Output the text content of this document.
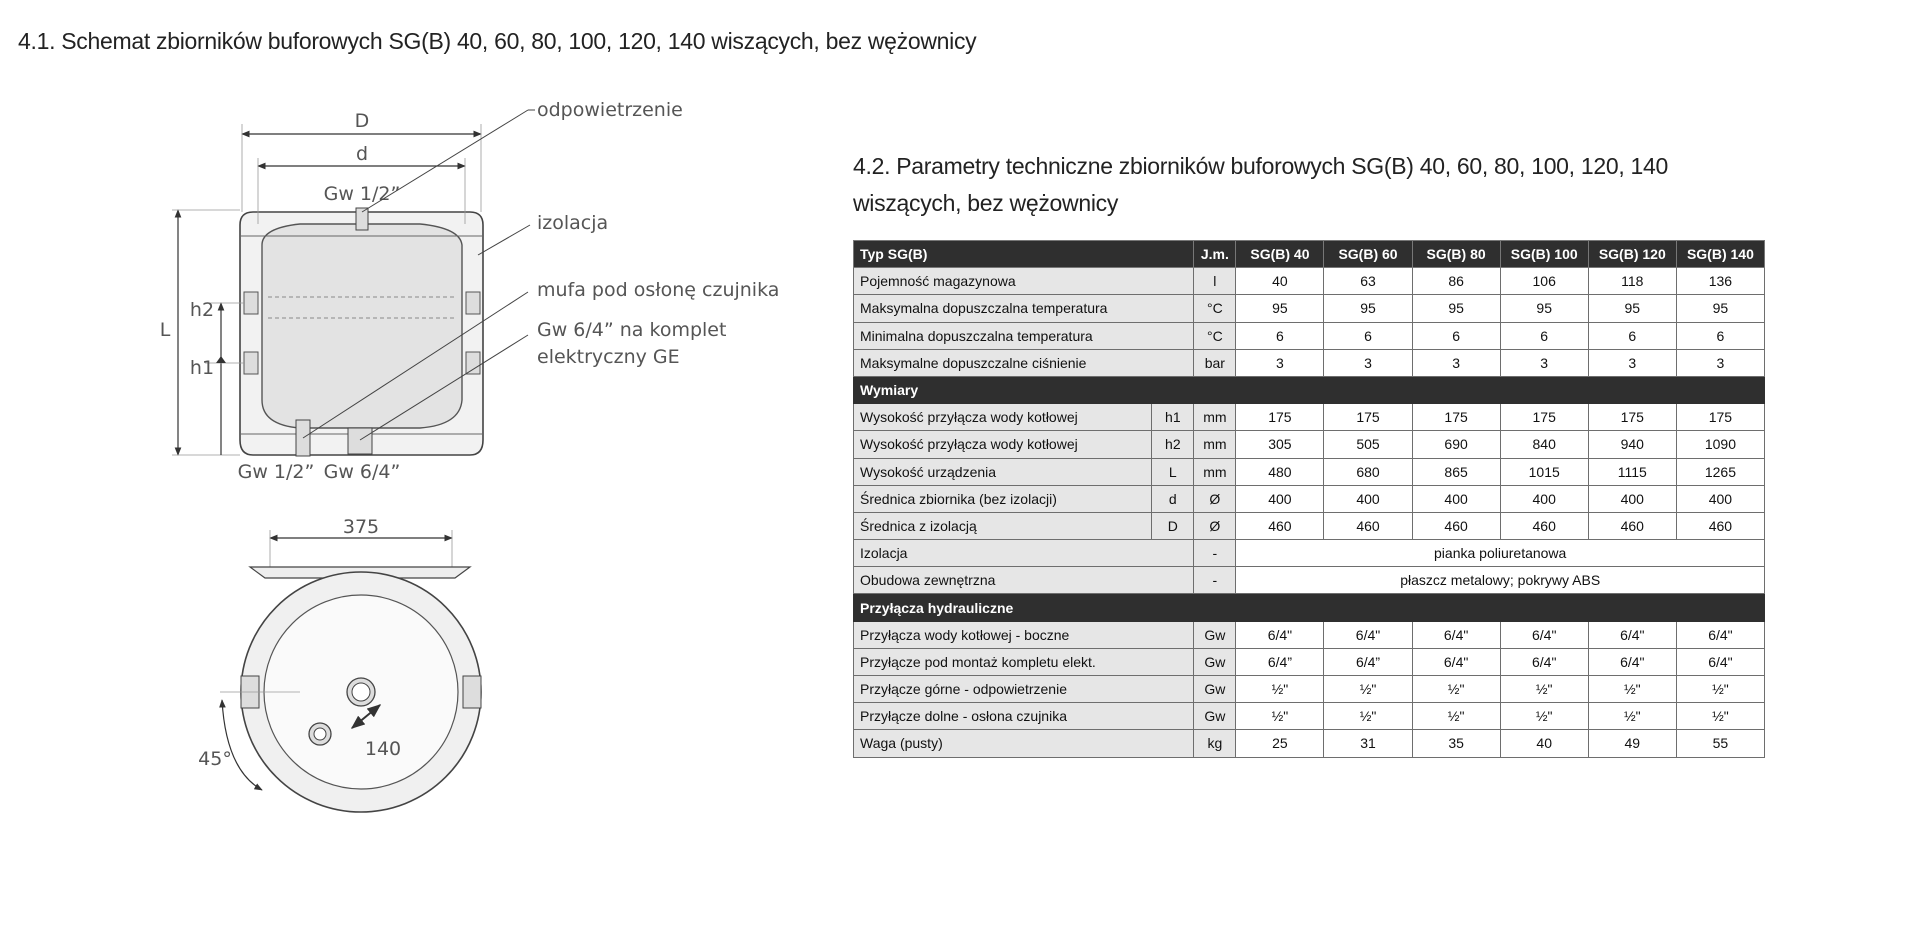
4.1. Schemat zbiorników buforowych SG(B) 40, 60, 80, 100, 120, 140 wiszących, bez wężownicy
4.2. Parametry techniczne zbiorników buforowych SG(B) 40, 60, 80, 100, 120, 140 wiszących, bez wężownicy
D
d
Gw 1/2”
L
h2
h1
Gw 1/2” Gw 6/4”
odpowietrzenie
izolacja
mufa pod osłonę czujnika
Gw 6/4” na komplet
elektryczny GE
375
140
45°
Typ SG(B)		J.m.	SG(B) 40	SG(B) 60	SG(B) 80	SG(B) 100	SG(B) 120	SG(B) 140
Pojemność magazynowa		l	40	63	86	106	118	136
Maksymalna dopuszczalna temperatura		°C	95	95	95	95	95	95
Minimalna dopuszczalna temperatura		°C	6	6	6	6	6	6
Maksymalne dopuszczalne ciśnienie		bar	3	3	3	3	3	3
Wymiary								
Wysokość przyłącza wody kotłowej	h1	mm	175	175	175	175	175	175
Wysokość przyłącza wody kotłowej	h2	mm	305	505	690	840	940	1090
Wysokość urządzenia	L	mm	480	680	865	1015	1115	1265
Średnica zbiornika (bez izolacji)	d	Ø	400	400	400	400	400	400
Średnica z izolacją	D	Ø	460	460	460	460	460	460
Izolacja		-	pianka poliuretanowa					
Obudowa zewnętrzna		-	płaszcz metalowy; pokrywy ABS					
Przyłącza hydrauliczne								
Przyłącza wody kotłowej - boczne		Gw	6/4"	6/4"	6/4"	6/4"	6/4"	6/4"
Przyłącze pod montaż kompletu elekt.		Gw	6/4”	6/4”	6/4"	6/4"	6/4"	6/4"
Przyłącze górne - odpowietrzenie		Gw	½"	½"	½"	½"	½"	½"
Przyłącze dolne - osłona czujnika		Gw	½"	½"	½"	½"	½"	½"
Waga (pusty)		kg	25	31	35	40	49	55
